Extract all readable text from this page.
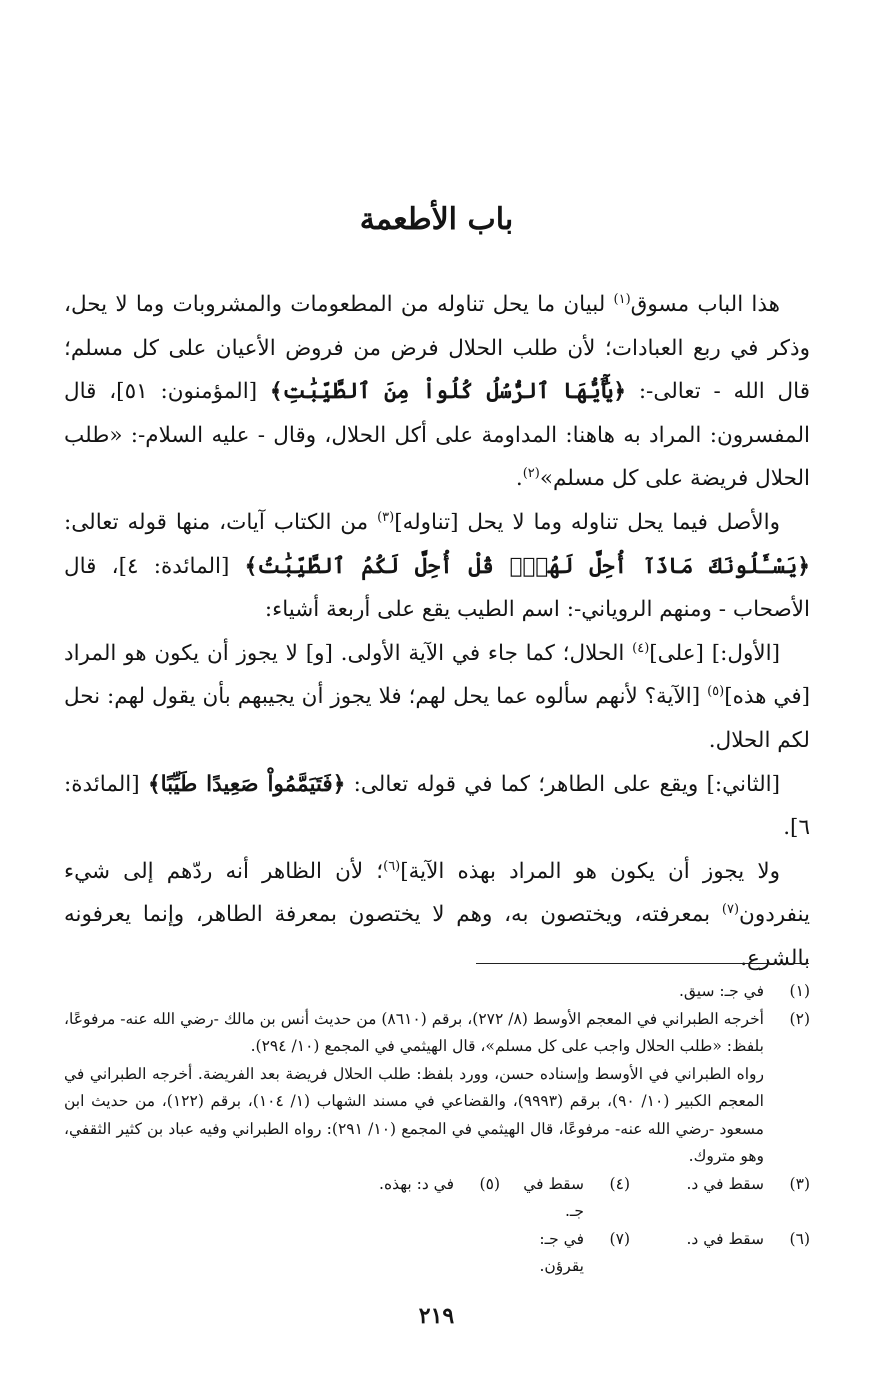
باب الأطعمة

هذا الباب مسوق$^{(١)}$ لبيان ما يحل تناوله من المطعومات والمشروبات وما لا يحل، وذكر في ربع العبادات؛ لأن طلب الحلال فرض من فروض الأعيان على كل مسلم؛ قال الله - تعالى-: ﴿يَٰٓأَيُّهَا ٱلرُّسُلُ كُلُواْ مِنَ ٱلطَّيِّبَٰتِ﴾ [المؤمنون: ٥١]، قال المفسرون: المراد به هاهنا: المداومة على أكل الحلال، وقال - عليه السلام-: «طلب الحلال فريضة على كل مسلم»$^{(٢)}$.

والأصل فيما يحل تناوله وما لا يحل [تناوله]$^{(٣)}$ من الكتاب آيات، منها قوله تعالى: ﴿يَسْـَٔلُونَكَ مَاذَآ أُحِلَّ لَهُمْۖ قُلْ أُحِلَّ لَكُمُ ٱلطَّيِّبَٰتُ﴾ [المائدة: ٤]، قال الأصحاب - ومنهم الروياني-: اسم الطيب يقع على أربعة أشياء:

[الأول:] [على]$^{(٤)}$ الحلال؛ كما جاء في الآية الأولى. [و] لا يجوز أن يكون هو المراد [في هذه]$^{(٥)}$ [الآية؟ لأنهم سألوه عما يحل لهم؛ فلا يجوز أن يجيبهم بأن يقول لهم: نحل لكم الحلال.

[الثاني:] ويقع على الطاهر؛ كما في قوله تعالى: ﴿فَتَيَمَّمُواْ صَعِيدًا طَيِّبًا﴾ [المائدة: ٦].

ولا يجوز أن يكون هو المراد بهذه الآية]$^{(٦)}$؛ لأن الظاهر أنه ردّهم إلى شيء ينفردون$^{(٧)}$ بمعرفته، ويختصون به، وهم لا يختصون بمعرفة الطاهر، وإنما يعرفونه بالشرع.

(١)
في جـ: سيق.
(٢)
أخرجه الطبراني في المعجم الأوسط (٨/ ٢٧٢)، برقم (٨٦١٠) من حديث أنس بن مالك -رضي الله عنه- مرفوعًا، بلفظ: «طلب الحلال واجب على كل مسلم»، قال الهيثمي في المجمع (١٠/ ٢٩٤).
رواه الطبراني في الأوسط وإسناده حسن، وورد بلفظ: طلب الحلال فريضة بعد الفريضة. أخرجه الطبراني في المعجم الكبير (١٠/ ٩٠)، برقم (٩٩٩٣)، والقضاعي في مسند الشهاب (١/ ١٠٤)، برقم (١٢٢)، من حديث ابن مسعود -رضي الله عنه- مرفوعًا، قال الهيثمي في المجمع (١٠/ ٢٩١): رواه الطبراني وفيه عباد بن كثير الثقفي، وهو متروك.
(٣)
سقط في د.
(٤)
سقط في جـ.
(٥)
في د: بهذه.
(٦)
سقط في د.
(٧)
في جـ: يقرؤن.
٢١٩
